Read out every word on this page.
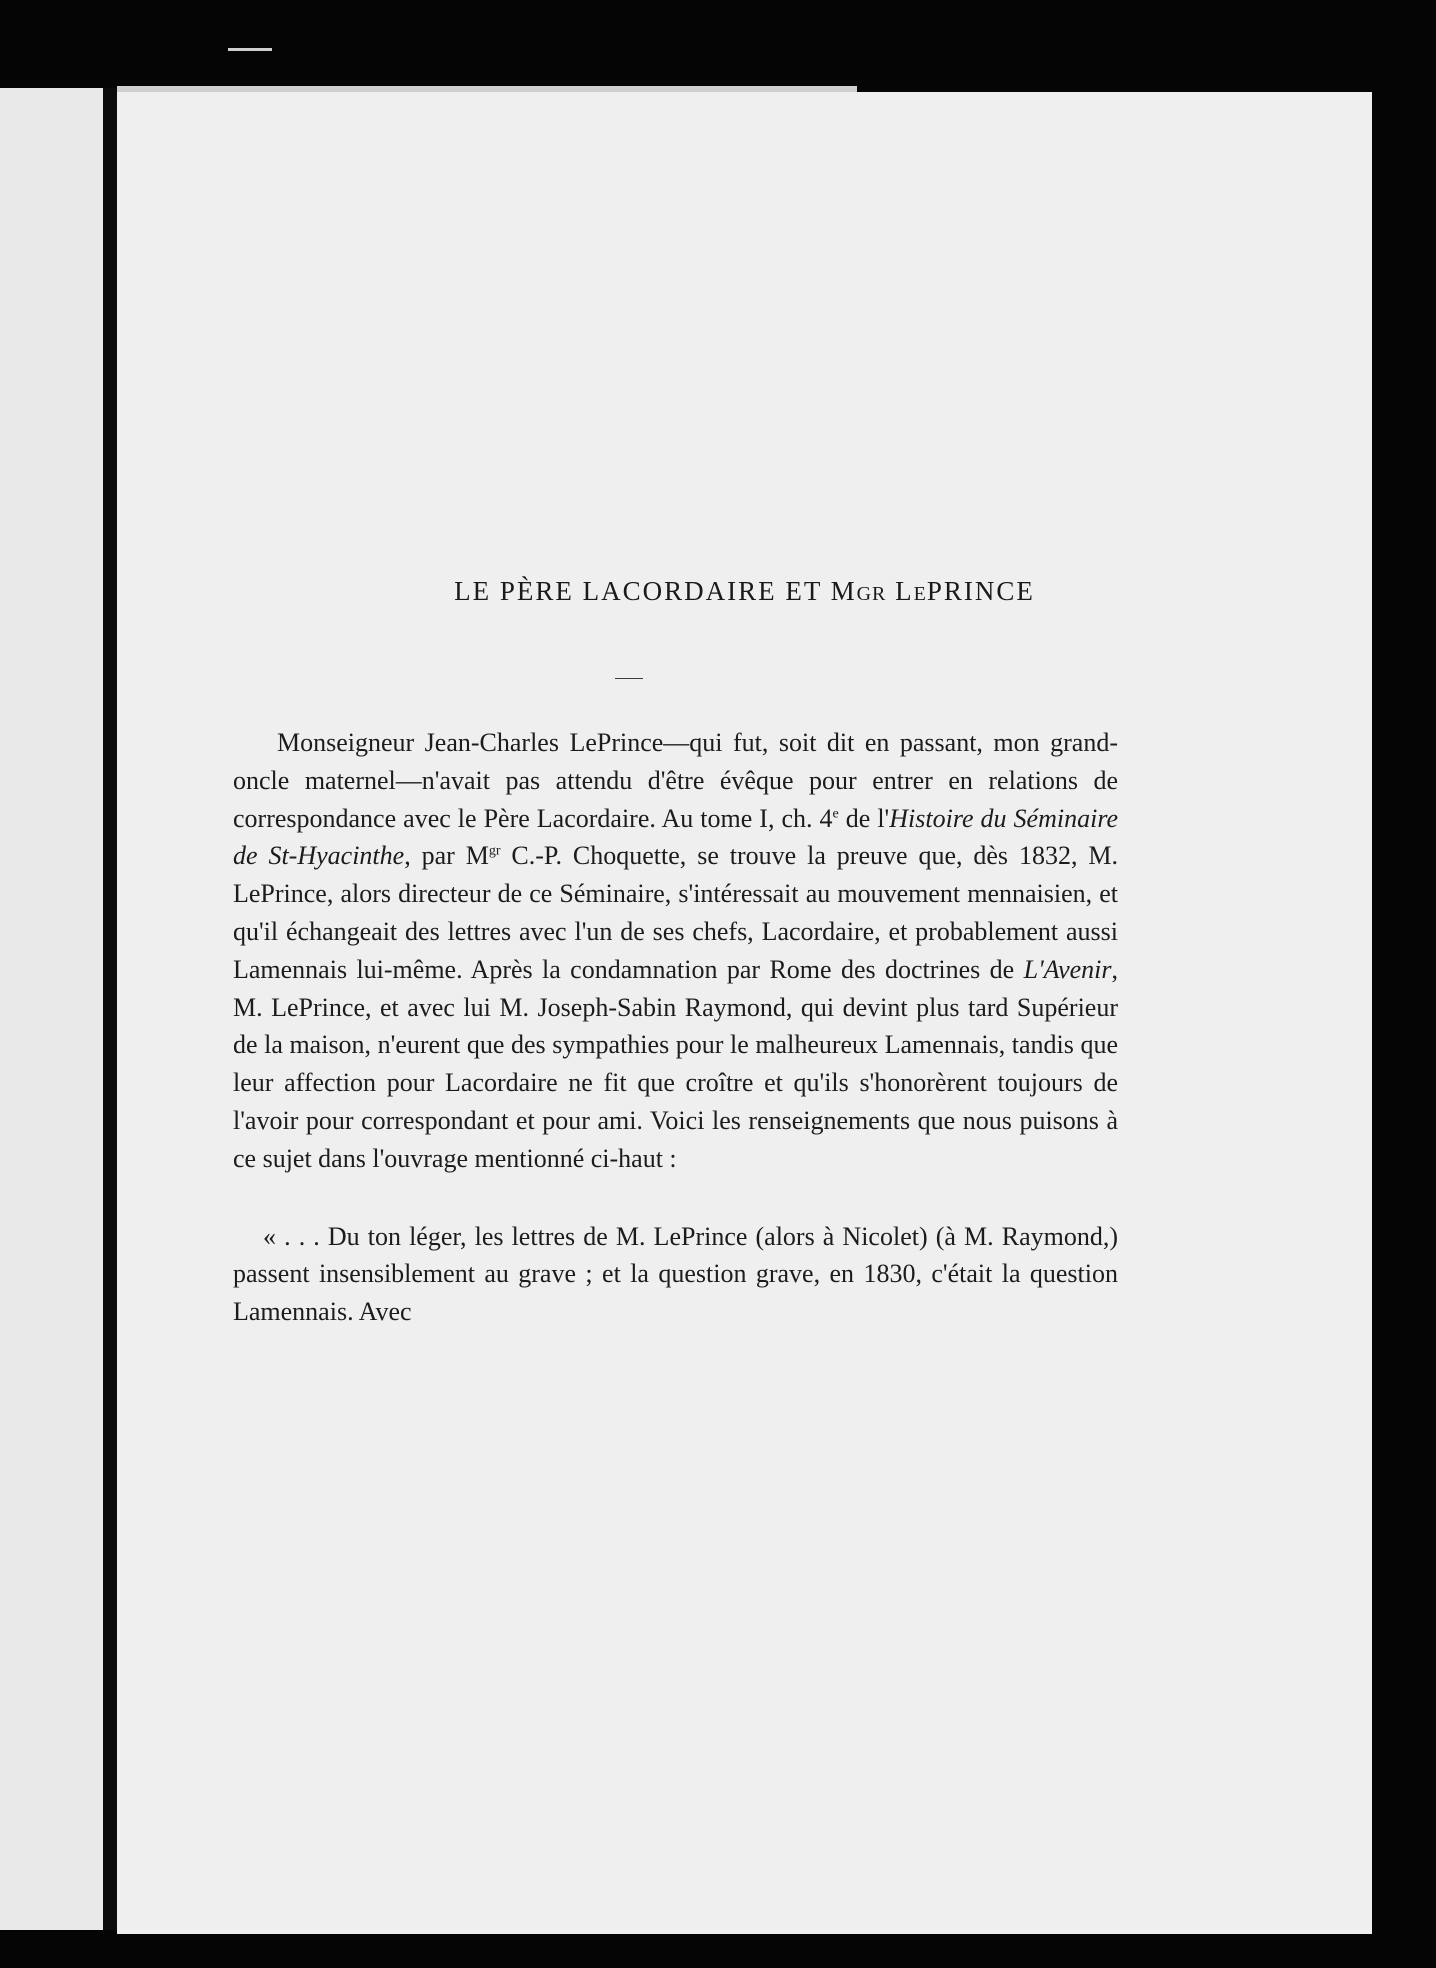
LE PÈRE LACORDAIRE ET MGR LEPRINCE

Monseigneur Jean-Charles LePrince—qui fut, soit dit en passant, mon grand-oncle maternel—n'avait pas attendu d'être évêque pour entrer en relations de correspondance avec le Père Lacordaire. Au tome I, ch. 4e de l'Histoire du Séminaire de St-Hyacinthe, par $M^{gr}$ C.-P. Choquette, se trouve la preuve que, dès 1832, M. LePrince, alors directeur de ce Séminaire, s'intéressait au mouvement mennaisien, et qu'il échangeait des lettres avec l'un de ses chefs, Lacordaire, et probablement aussi Lamennais lui-même. Après la condamnation par Rome des doctrines de L'Avenir, M. LePrince, et avec lui M. Joseph-Sabin Raymond, qui devint plus tard Supérieur de la maison, n'eurent que des sympathies pour le malheureux Lamennais, tandis que leur affection pour Lacordaire ne fit que croître et qu'ils s'honorèrent toujours de l'avoir pour correspondant et pour ami. Voici les renseignements que nous puisons à ce sujet dans l'ouvrage mentionné ci-haut :

« . . . Du ton léger, les lettres de M. LePrince (alors à Nicolet) (à M. Raymond,) passent insensiblement au grave ; et la question grave, en 1830, c'était la question Lamennais. Avec
